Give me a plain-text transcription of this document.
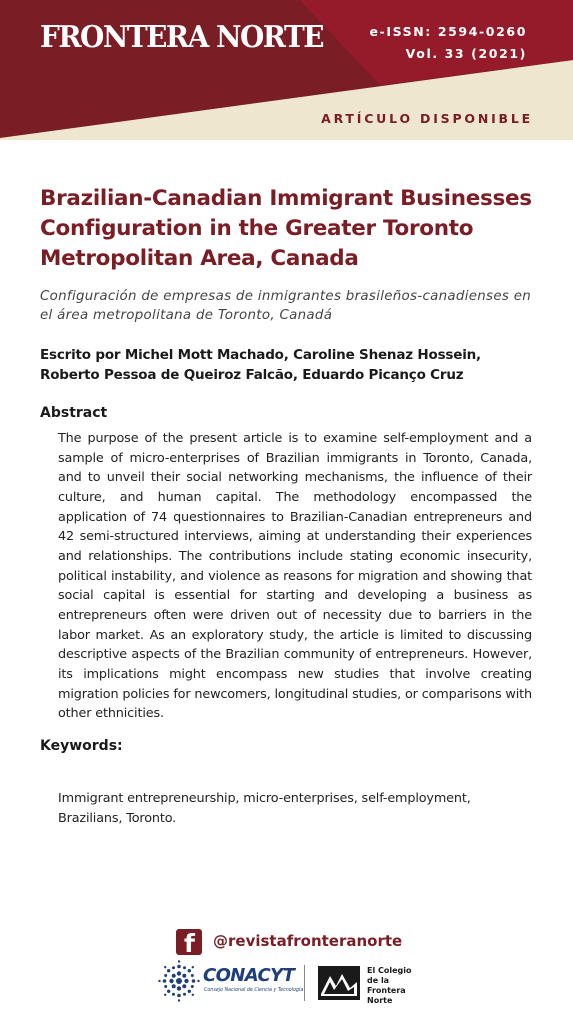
FRONTERA NORTE	e-ISSN: 2594-0260
Vol. 33 (2021)
ARTÍCULO DISPONIBLE
Brazilian-Canadian Immigrant Businesses Configuration in the Greater Toronto Metropolitan Area, Canada
Configuración de empresas de inmigrantes brasileños-canadienses en el área metropolitana de Toronto, Canadá
Escrito por Michel Mott Machado, Caroline Shenaz Hossein, Roberto Pessoa de Queiroz Falcão, Eduardo Picanço Cruz
Abstract
The purpose of the present article is to examine self-employment and a sample of micro-enterprises of Brazilian immigrants in Toronto, Canada, and to unveil their social networking mechanisms, the influence of their culture, and human capital. The methodology encompassed the application of 74 questionnaires to Brazilian-Canadian entrepreneurs and 42 semi-structured interviews, aiming at understanding their experiences and relationships. The contributions include stating economic insecurity, political instability, and violence as reasons for migration and showing that social capital is essential for starting and developing a business as entrepreneurs often were driven out of necessity due to barriers in the labor market. As an exploratory study, the article is limited to discussing descriptive aspects of the Brazilian community of entrepreneurs. However, its implications might encompass new studies that involve creating migration policies for newcomers, longitudinal studies, or comparisons with other ethnicities.
Keywords:
Immigrant entrepreneurship, micro-enterprises, self-employment, Brazilians, Toronto.
f @revistafronteranorte
CONACYT
Consejo Nacional de Ciencia y Tecnología
El Colegio
de la Frontera
Norte
